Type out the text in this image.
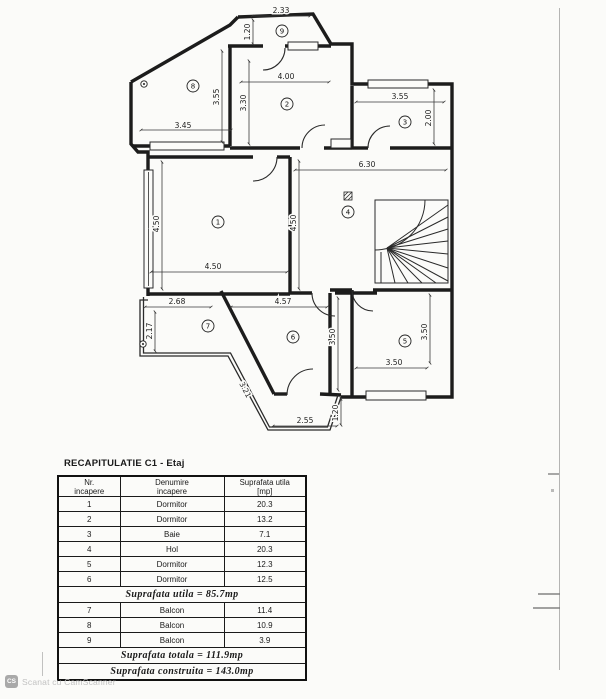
2.33
1.20
3.45
3.55
4.00
3.30	3.55
2.00
6.30
4.50	4.50
4.50
2.68
2.17
4.57
3.50	3.50
3.50
3.21
2.55 1.20
1
2
3
4
5
6
7
8
9
RECAPITULATIE C1 - Etaj
Nr.
incapere

Denumire
incapere

Suprafata utila
[mp]

1	Dormitor	20.3
2	Dormitor	13.2
3	Baie	7.1
4	Hol	20.3
5	Dormitor	12.3
6	Dormitor	12.5
Suprafata utila = 85.7mp		
7	Balcon	11.4
8	Balcon	10.9
9	Balcon	3.9
Suprafata totala = 111.9mp		
Suprafata construita = 143.0mp		
CS Scanat cu CamScanner
